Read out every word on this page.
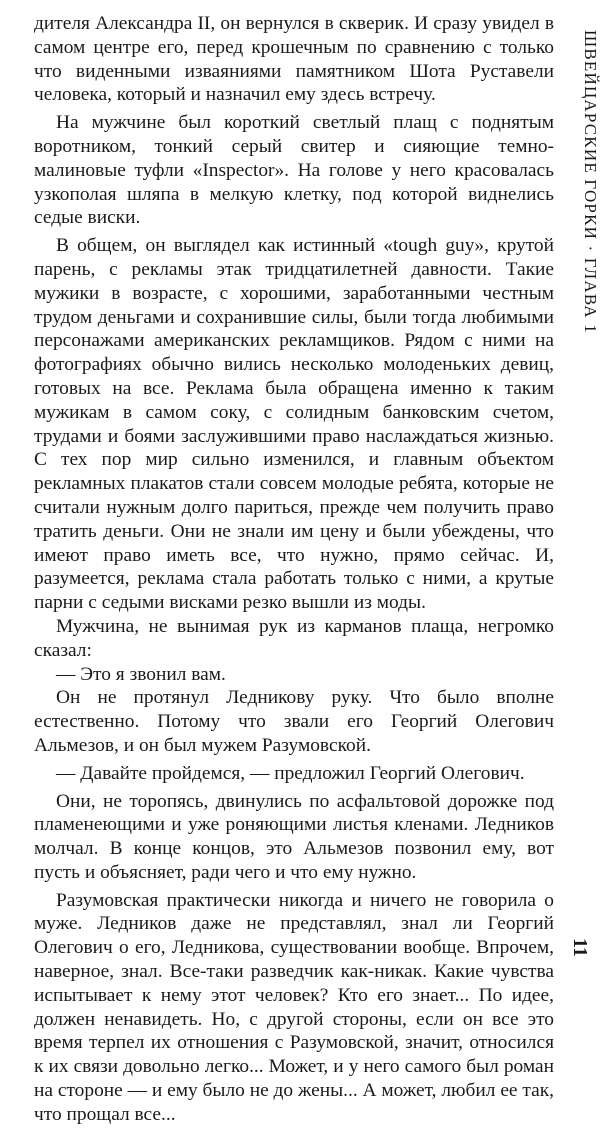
дителя Александра II, он вернулся в скверик. И сразу увидел в самом центре его, перед крошечным по сравнению с только что виденными изваяниями памятником Шота Руставели человека, который и назначил ему здесь встречу.

На мужчине был короткий светлый плащ с поднятым воротником, тонкий серый свитер и сияющие темно-малиновые туфли «Inspector». На голове у него красовалась узкополая шляпа в мелкую клетку, под которой виднелись седые виски.

В общем, он выглядел как истинный «tough guy», крутой парень, с рекламы этак тридцатилетней давности. Такие мужики в возрасте, с хорошими, заработанными честным трудом деньгами и сохранившие силы, были тогда любимыми персонажами американских рекламщиков. Рядом с ними на фотографиях обычно вились несколько молоденьких девиц, готовых на все. Реклама была обращена именно к таким мужикам в самом соку, с солидным банковским счетом, трудами и боями заслужившими право наслаждаться жизнью. С тех пор мир сильно изменился, и главным объектом рекламных плакатов стали совсем молодые ребята, которые не считали нужным долго париться, прежде чем получить право тратить деньги. Они не знали им цену и были убеждены, что имеют право иметь все, что нужно, прямо сейчас. И, разумеется, реклама стала работать только с ними, а крутые парни с седыми висками резко вышли из моды.

Мужчина, не вынимая рук из карманов плаща, негромко сказал:

— Это я звонил вам.

Он не протянул Ледникову руку. Что было вполне естественно. Потому что звали его Георгий Олегович Альмезов, и он был мужем Разумовской.

— Давайте пройдемся, — предложил Георгий Олегович.

Они, не торопясь, двинулись по асфальтовой дорожке под пламенеющими и уже роняющими листья кленами. Ледников молчал. В конце концов, это Альмезов позвонил ему, вот пусть и объясняет, ради чего и что ему нужно.

Разумовская практически никогда и ничего не говорила о муже. Ледников даже не представлял, знал ли Георгий Олегович о его, Ледникова, существовании вообще. Впрочем, наверное, знал. Все-таки разведчик как-никак. Какие чувства испытывает к нему этот человек? Кто его знает... По идее, должен ненавидеть. Но, с другой стороны, если он все это время терпел их отношения с Разумовской, значит, относился к их связи довольно легко... Может, и у него самого был роман на стороне — и ему было не до жены... А может, любил ее так, что прощал все...

ШВЕЙЦАРСКИЕ ГОРКИ · ГЛАВА 1
11
